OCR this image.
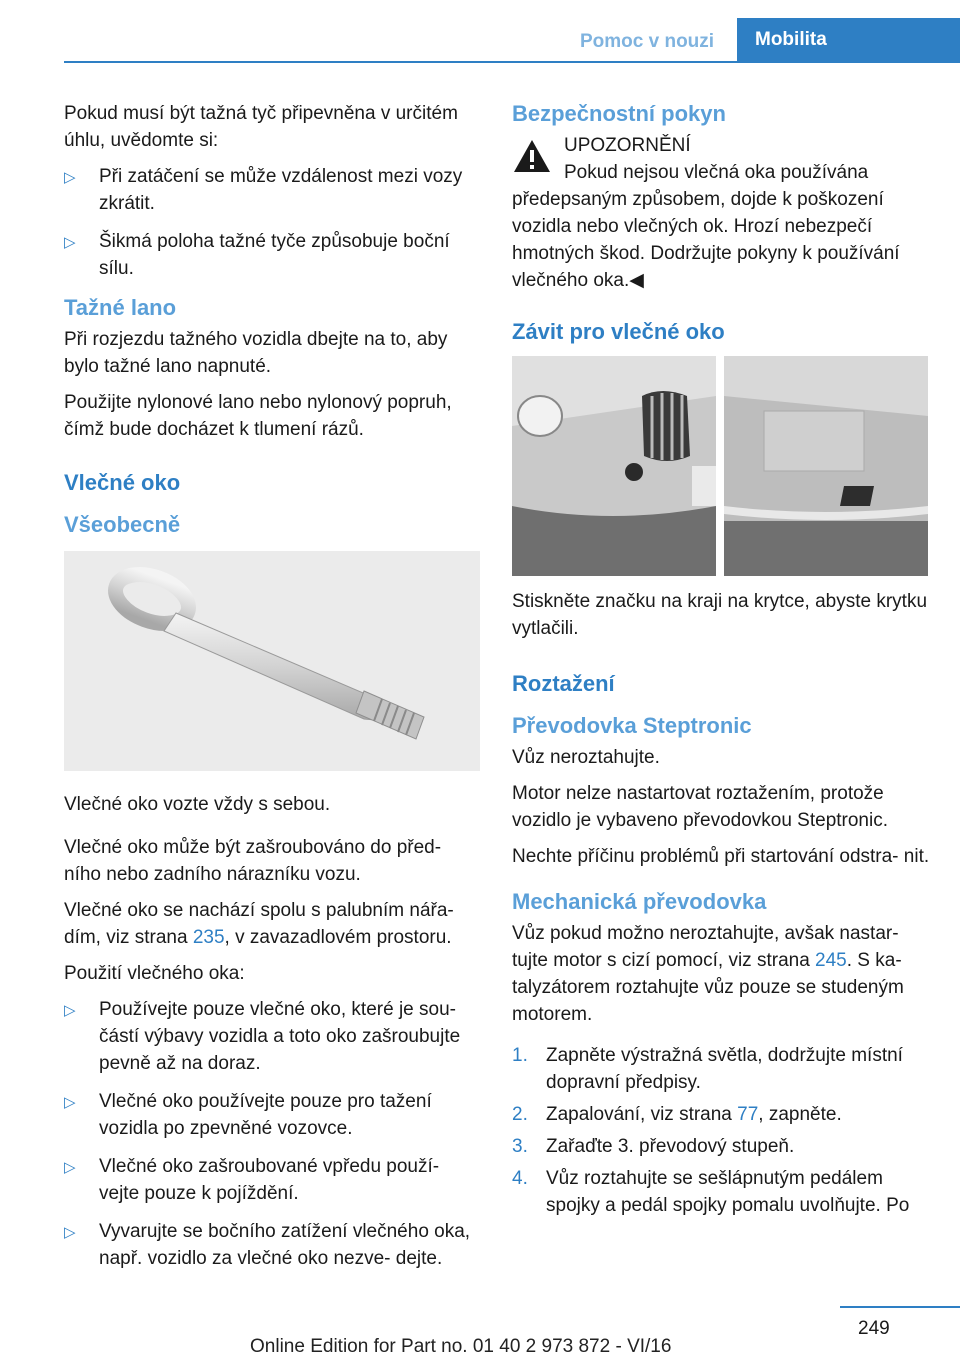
Pomoc v nouzi	Mobilita

Pokud musí být tažná tyč připevněna v určitém úhlu, uvědomte si:

▷ Při zatáčení se může vzdálenost mezi vozy zkrátit.
▷ Šikmá poloha tažné tyče způsobuje boční sílu.
Tažné lano

Při rozjezdu tažného vozidla dbejte na to, aby bylo tažné lano napnuté.

Použijte nylonové lano nebo nylonový popruh, čímž bude docházet k tlumení rázů.

Vlečné oko
Všeobecně

Vlečné oko vozte vždy s sebou.

Vlečné oko může být zašroubováno do před‐ ního nebo zadního nárazníku vozu.

Vlečné oko se nachází spolu s palubním nářa‐ dím, viz strana 235, v zavazadlovém prostoru.

Použití vlečného oka:

▷ Používejte pouze vlečné oko, které je sou‐ částí výbavy vozidla a toto oko zašroubujte pevně až na doraz.
▷ Vlečné oko používejte pouze pro tažení vozidla po zpevněné vozovce.
▷ Vlečné oko zašroubované vpředu použí‐ vejte pouze k pojíždění.
▷ Vyvarujte se bočního zatížení vlečného oka, např. vozidlo za vlečné oko nezve‐ dejte.
Bezpečnostní pokyn

UPOZORNĚNÍ

Pokud nejsou vlečná oka používána předepsaným způsobem, dojde k poškození vozidla nebo vlečných ok. Hrozí nebezpečí hmotných škod. Dodržujte pokyny k používání vlečného oka.◀

Závit pro vlečné oko

Stiskněte značku na kraji na krytce, abyste krytku vytlačili.

Roztažení
Převodovka Steptronic

Vůz neroztahujte.

Motor nelze nastartovat roztažením, protože vozidlo je vybaveno převodovkou Steptronic.

Nechte příčinu problémů při startování odstra‐ nit.

Mechanická převodovka

Vůz pokud možno neroztahujte, avšak nastar‐ tujte motor s cizí pomocí, viz strana 245. S ka‐ talyzátorem roztahujte vůz pouze se studeným motorem.

1. Zapněte výstražná světla, dodržujte místní dopravní předpisy.
2. Zapalování, viz strana 77, zapněte.
3. Zařaďte 3. převodový stupeň.
4. Vůz roztahujte se sešlápnutým pedálem spojky a pedál spojky pomalu uvolňujte. Po
249
Online Edition for Part no. 01 40 2 973 872 - VI/16
